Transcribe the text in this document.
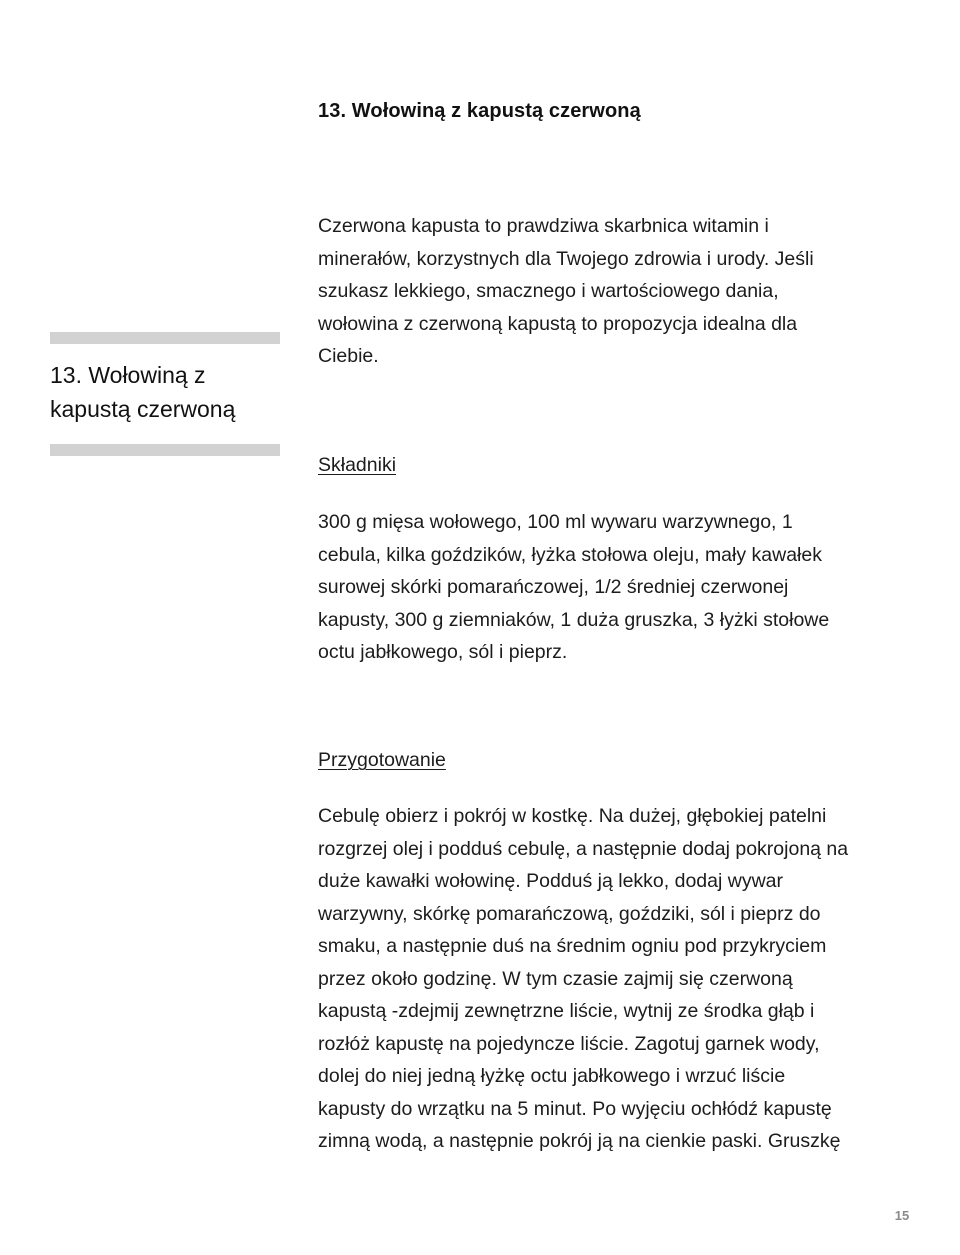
13. Wołowiną z kapustą czerwoną
13. Wołowiną z
kapustą czerwoną
Czerwona kapusta to prawdziwa skarbnica witamin i
minerałów, korzystnych dla Twojego zdrowia i urody. Jeśli
szukasz lekkiego, smacznego i wartościowego dania,
wołowina z czerwoną kapustą to propozycja idealna dla
Ciebie.
Składniki
300 g mięsa wołowego, 100 ml wywaru warzywnego, 1
cebula, kilka goździków, łyżka stołowa oleju, mały kawałek
surowej skórki pomarańczowej, 1/2 średniej czerwonej
kapusty, 300 g ziemniaków, 1 duża gruszka, 3 łyżki stołowe
octu jabłkowego, sól i pieprz.
Przygotowanie
Cebulę obierz i pokrój w kostkę. Na dużej, głębokiej patelni
rozgrzej olej i podduś cebulę, a następnie dodaj pokrojoną na
duże kawałki wołowinę. Podduś ją lekko, dodaj wywar
warzywny, skórkę pomarańczową, goździki, sól i pieprz do
smaku, a następnie duś na średnim ogniu pod przykryciem
przez około godzinę. W tym czasie zajmij się czerwoną
kapustą -zdejmij zewnętrzne liście, wytnij ze środka głąb i
rozłóż kapustę na pojedyncze liście. Zagotuj garnek wody,
dolej do niej jedną łyżkę octu jabłkowego i wrzuć liście
kapusty do wrzątku na 5 minut. Po wyjęciu ochłódź kapustę
zimną wodą, a następnie pokrój ją na cienkie paski. Gruszkę
15
